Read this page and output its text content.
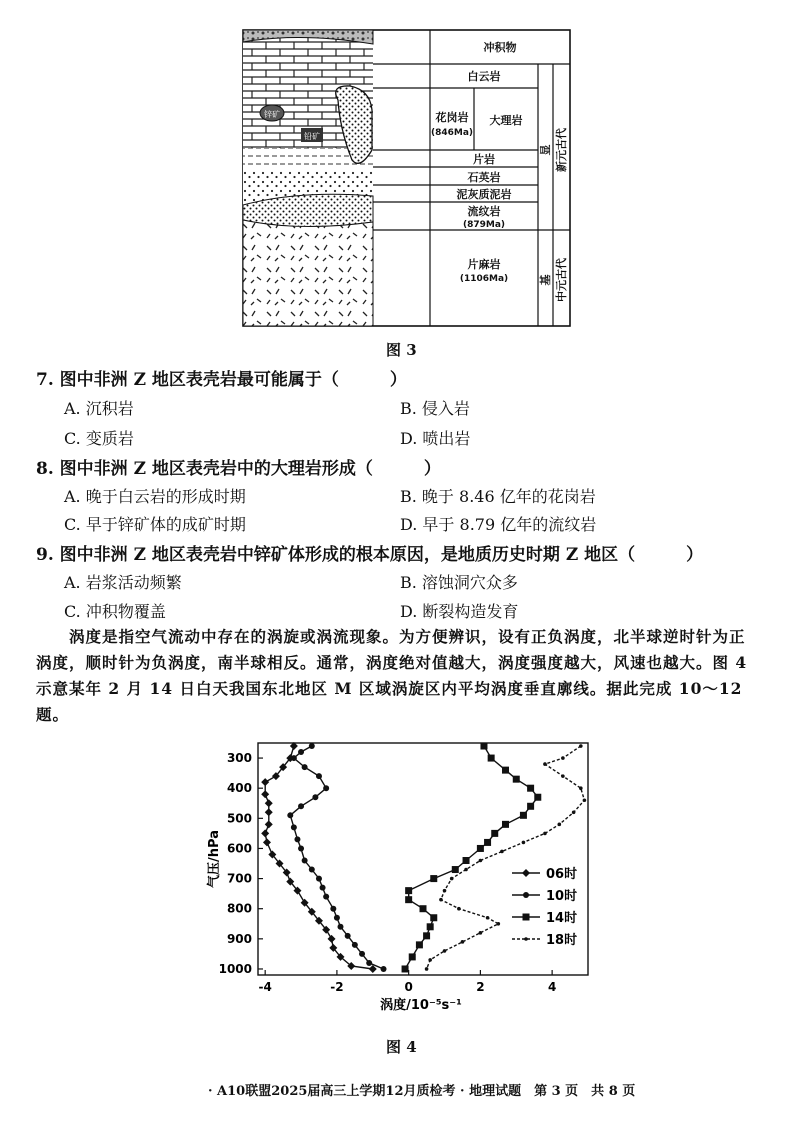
锌矿
铅矿
冲积物
白云岩
花岗岩
(846Ma)
大理岩
片岩
石英岩
泥灰质泥岩
流纹岩
(879Ma)
片麻岩
(1106Ma)
显 新元古代
基 中元古代
图 3
7. 图中非洲 Z 地区表壳岩最可能属于（　　　）
A. 沉积岩	B. 侵入岩
C. 变质岩	D. 喷出岩
8. 图中非洲 Z 地区表壳岩中的大理岩形成（　　　）
A. 晚于白云岩的形成时期	B. 晚于 8.46 亿年的花岗岩
C. 早于锌矿体的成矿时期	D. 早于 8.79 亿年的流纹岩
9. 图中非洲 Z 地区表壳岩中锌矿体形成的根本原因，是地质历史时期 Z 地区（　　　）
A. 岩浆活动频繁	B. 溶蚀洞穴众多
C. 冲积物覆盖	D. 断裂构造发育
　　涡度是指空气流动中存在的涡旋或涡流现象。为方便辨识，设有正负涡度，北半球逆时针为正涡度，顺时针为负涡度，南半球相反。通常，涡度绝对值越大，涡度强度越大，风速也越大。图 4 示意某年 2 月 14 日白天我国东北地区 M 区域涡旋区内平均涡度垂直廓线。据此完成 10～12 题。
300
400
500
600
700
800
900
1000
-4	-2	0	2	4
气压/hPa
涡度/10⁻⁵s⁻¹
06时
10时
14时
18时
图 4
· A10联盟2025届高三上学期12月质检考 · 地理试题　第 3 页　共 8 页
